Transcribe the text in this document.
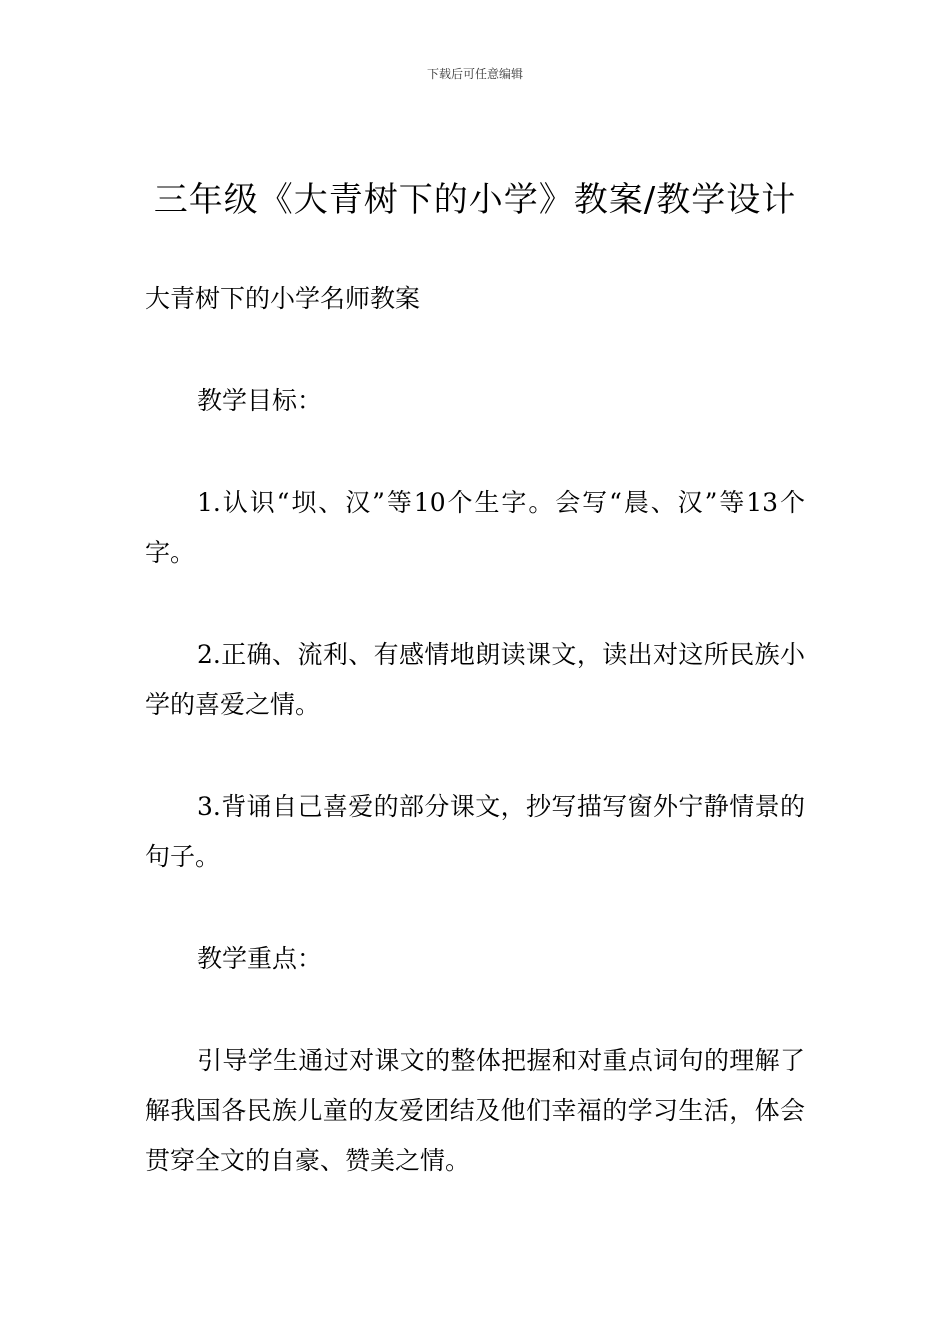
下载后可任意编辑
三年级《大青树下的小学》教案/教学设计

大青树下的小学名师教案

教学目标：

1.认识“坝、汉”等10个生字。会写“晨、汉”等13个字。

2.正确、流利、有感情地朗读课文，读出对这所民族小学的喜爱之情。

3.背诵自己喜爱的部分课文，抄写描写窗外宁静情景的句子。

教学重点：

引导学生通过对课文的整体把握和对重点词句的理解了解我国各民族儿童的友爱团结及他们幸福的学习生活，体会贯穿全文的自豪、赞美之情。
